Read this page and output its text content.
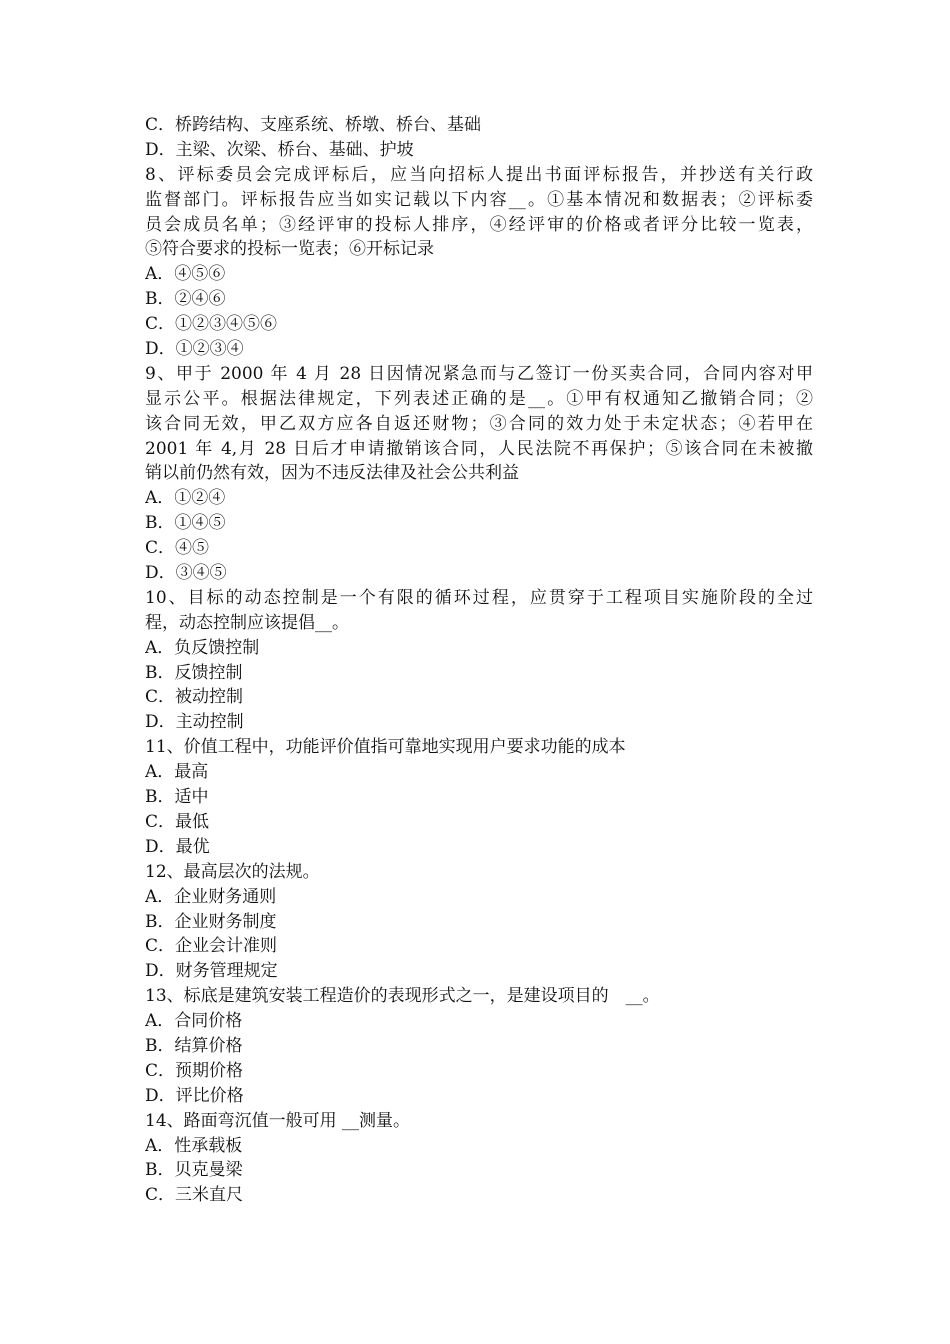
C．桥跨结构、支座系统、桥墩、桥台、基础
D．主梁、次梁、桥台、基础、护坡
8、评标委员会完成评标后，应当向招标人提出书面评标报告，并抄送有关行政
监督部门。评标报告应当如实记载以下内容__。①基本情况和数据表；②评标委
员会成员名单；③经评审的投标人排序，④经评审的价格或者评分比较一览表，
⑤符合要求的投标一览表；⑥开标记录
A．④⑤⑥
B．②④⑥
C．①②③④⑤⑥
D．①②③④
9、甲于 2000 年 4 月 28 日因情况紧急而与乙签订一份买卖合同，合同内容对甲
显示公平。根据法律规定，下列表述正确的是__。①甲有权通知乙撤销合同；②
该合同无效，甲乙双方应各自返还财物；③合同的效力处于未定状态；④若甲在
2001 年 4,月 28 日后才申请撤销该合同，人民法院不再保护；⑤该合同在未被撤
销以前仍然有效，因为不违反法律及社会公共利益
A．①②④
B．①④⑤
C．④⑤
D．③④⑤
10、目标的动态控制是一个有限的循环过程，应贯穿于工程项目实施阶段的全过
程，动态控制应该提倡__。
A．负反馈控制
B．反馈控制
C．被动控制
D．主动控制
11、价值工程中，功能评价值指可靠地实现用户要求功能的成本
A．最高
B．适中
C．最低
D．最优
12、最高层次的法规。
A．企业财务通则
B．企业财务制度
C．企业会计准则
D．财务管理规定
13、标底是建筑安装工程造价的表现形式之一，是建设项目的　__。
A．合同价格
B．结算价格
C．预期价格
D．评比价格
14、路面弯沉值一般可用 __测量。
A．性承载板
B．贝克曼梁
C．三米直尺
